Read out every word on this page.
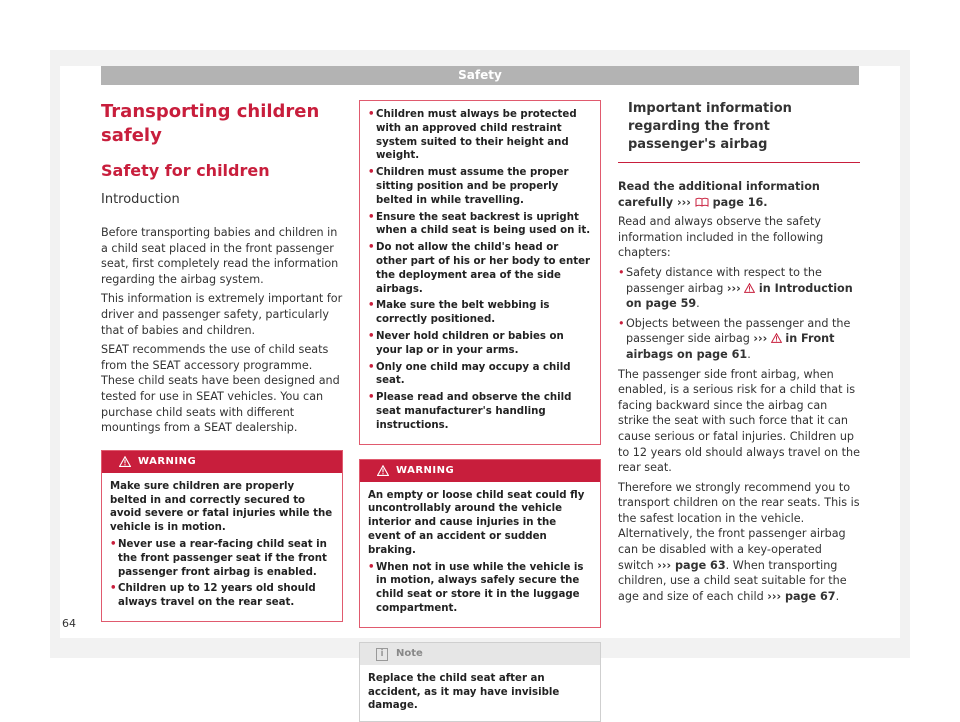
Safety
Transporting children safely
Safety for children
Introduction

Before transporting babies and children in a child seat placed in the front passenger seat, first completely read the information regarding the airbag system.

This information is extremely important for driver and passenger safety, particularly that of babies and children.

SEAT recommends the use of child seats from the SEAT accessory programme. These child seats have been designed and tested for use in SEAT vehicles. You can purchase child seats with different mountings from a SEAT dealership.

WARNING

Make sure children are properly belted in and correctly secured to avoid severe or fatal injuries while the vehicle is in motion.

• Never use a rear-facing child seat in the front passenger seat if the front passenger front airbag is enabled.

• Children up to 12 years old should always travel on the rear seat.

• Children must always be protected with an approved child restraint system suited to their height and weight.

• Children must assume the proper sitting position and be properly belted in while travelling.

• Ensure the seat backrest is upright when a child seat is being used on it.

• Do not allow the child's head or other part of his or her body to enter the deployment area of the side airbags.

• Make sure the belt webbing is correctly positioned.

• Never hold children or babies on your lap or in your arms.

• Only one child may occupy a child seat.

• Please read and observe the child seat manufacturer's handling instructions.

WARNING

An empty or loose child seat could fly uncontrollably around the vehicle interior and cause injuries in the event of an accident or sudden braking.

• When not in use while the vehicle is in motion, always safely secure the child seat or store it in the luggage compartment.

i	Note
Replace the child seat after an accident, as it may have invisible damage.
Important information regarding the front passenger's airbag

Read the additional information carefully ››› page 16.

Read and always observe the safety information included in the following chapters:

• Safety distance with respect to the passenger airbag ››› in Introduction on page 59.
• Objects between the passenger and the passenger side airbag ››› in Front airbags on page 61.

The passenger side front airbag, when enabled, is a serious risk for a child that is facing backward since the airbag can strike the seat with such force that it can cause serious or fatal injuries. Children up to 12 years old should always travel on the rear seat.

Therefore we strongly recommend you to transport children on the rear seats. This is the safest location in the vehicle. Alternatively, the front passenger airbag can be disabled with a key-operated switch ››› page 63. When transporting children, use a child seat suitable for the age and size of each child ››› page 67.

64
